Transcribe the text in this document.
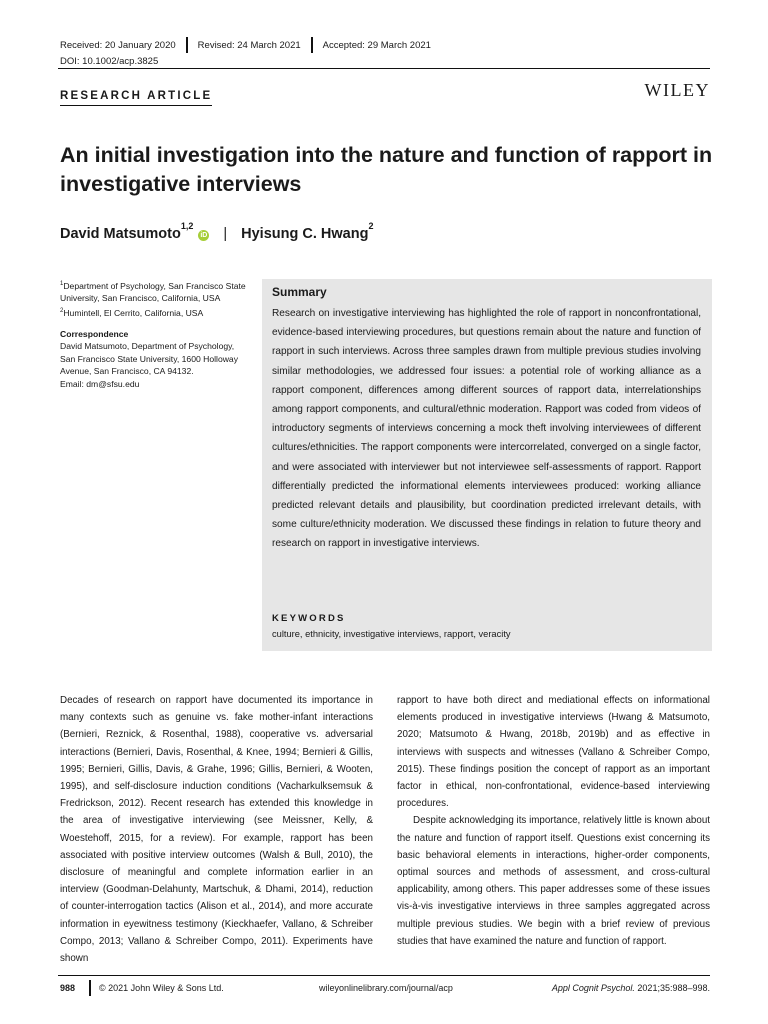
Received: 20 January 2020 Revised: 24 March 2021 Accepted: 29 March 2021
DOI: 10.1002/acp.3825
RESEARCH ARTICLE	WILEY
An initial investigation into the nature and function of rapport in investigative interviews
David Matsumoto 1,2
iD | Hyisung C. Hwang 2

$^1$Department of Psychology, San Francisco State University, San Francisco, California, USA

$^2$Humintell, El Cerrito, California, USA

Correspondence

David Matsumoto, Department of Psychology, San Francisco State University, 1600 Holloway Avenue, San Francisco, CA 94132.

Email: dm@sfsu.edu

Summary

Research on investigative interviewing has highlighted the role of rapport in nonconfrontational, evidence-based interviewing procedures, but questions remain about the nature and function of rapport in such interviews. Across three samples drawn from multiple previous studies involving similar methodologies, we addressed four issues: a potential role of working alliance as a rapport component, differences among different sources of rapport data, interrelationships among rapport components, and cultural/ethnic moderation. Rapport was coded from videos of introductory segments of interviews concerning a mock theft involving interviewees of different cultures/ethnicities. The rapport components were intercorrelated, converged on a single factor, and were associated with interviewer but not interviewee self-assessments of rapport. Rapport differentially predicted the informational elements interviewees produced: working alliance predicted relevant details and plausibility, but coordination predicted irrelevant details, with some culture/ethnicity moderation. We discussed these findings in relation to future theory and research on rapport in investigative interviews.

KEYWORDS
culture, ethnicity, investigative interviews, rapport, veracity

Decades of research on rapport have documented its importance in many contexts such as genuine vs. fake mother-infant interactions (Bernieri, Reznick, & Rosenthal, 1988), cooperative vs. adversarial interactions (Bernieri, Davis, Rosenthal, & Knee, 1994; Bernieri & Gillis, 1995; Bernieri, Gillis, Davis, & Grahe, 1996; Gillis, Bernieri, & Wooten, 1995), and self-disclosure induction conditions (Vacharkulksemsuk & Fredrickson, 2012). Recent research has extended this knowledge in the area of investigative interviewing (see Meissner, Kelly, & Woestehoff, 2015, for a review). For example, rapport has been associated with positive interview outcomes (Walsh & Bull, 2010), the disclosure of meaningful and complete information earlier in an interview (Goodman-Delahunty, Martschuk, & Dhami, 2014), reduction of counter-interrogation tactics (Alison et al., 2014), and more accurate information in eyewitness testimony (Kieckhaefer, Vallano, & Schreiber Compo, 2013; Vallano & Schreiber Compo, 2011). Experiments have shown

rapport to have both direct and mediational effects on informational elements produced in investigative interviews (Hwang & Matsumoto, 2020; Matsumoto & Hwang, 2018b, 2019b) and as effective in interviews with suspects and witnesses (Vallano & Schreiber Compo, 2015). These findings position the concept of rapport as an important factor in ethical, non-confrontational, evidence-based interviewing procedures.

Despite acknowledging its importance, relatively little is known about the nature and function of rapport itself. Questions exist concerning its basic behavioral elements in interactions, higher-order components, optimal sources and methods of assessment, and cross-cultural applicability, among others. This paper addresses some of these issues vis-à-vis investigative interviews in three samples aggregated across multiple previous studies. We begin with a brief review of previous studies that have examined the nature and function of rapport.

988	© 2021 John Wiley & Sons Ltd.	wileyonlinelibrary.com/journal/acp	Appl Cognit Psychol. 2021;35:988–998.
